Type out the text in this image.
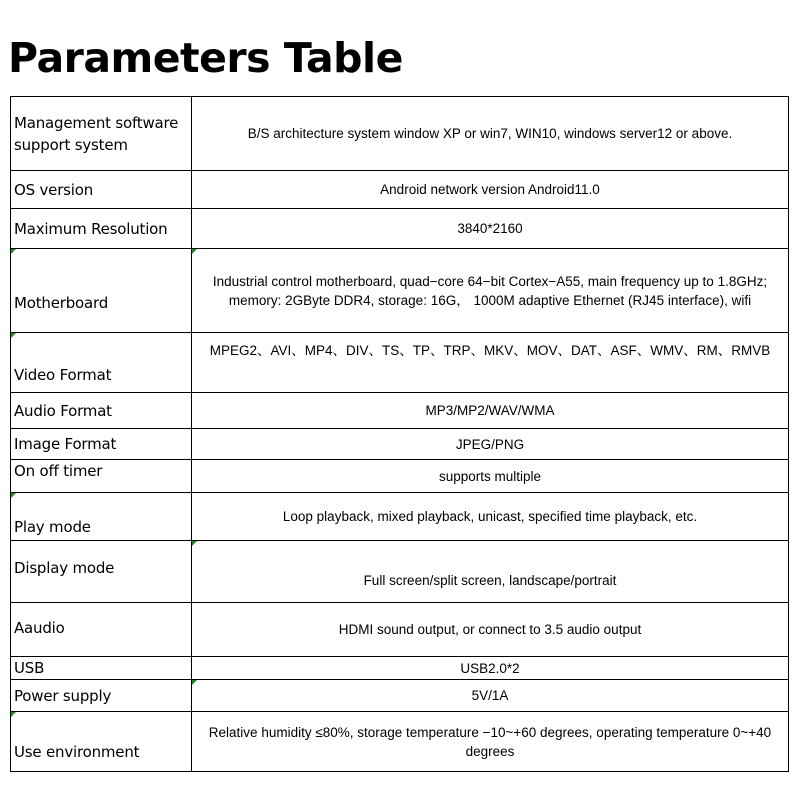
Parameters Table
Management software support system	B/S architecture system window XP or win7, WIN10, windows server12 or above.
OS version	Android network version Android11.0
Maximum Resolution	3840*2160
Motherboard	Industrial control motherboard, quad−core 64−bit Cortex−A55, main frequency up to 1.8GHz; memory: 2GByte DDR4, storage: 16G， 1000M adaptive Ethernet (RJ45 interface), wifi

Video Format	MPEG2、AVI、MP4、DIV、TS、TP、TRP、MKV、MOV、DAT、ASF、WMV、RM、RMVB
Audio Format	MP3/MP2/WAV/WMA
Image Format	JPEG/PNG
On off timer	supports multiple

Play mode	Loop playback, mixed playback, unicast, specified time playback, etc.
Display mode	Full screen/split screen, landscape/portrait
Aaudio	HDMI sound output, or connect to 3.5 audio output
USB	USB2.0*2
Power supply	5V/1A

Use environment	Relative humidity ≤80%, storage temperature −10~+60 degrees, operating temperature 0~+40 degrees
